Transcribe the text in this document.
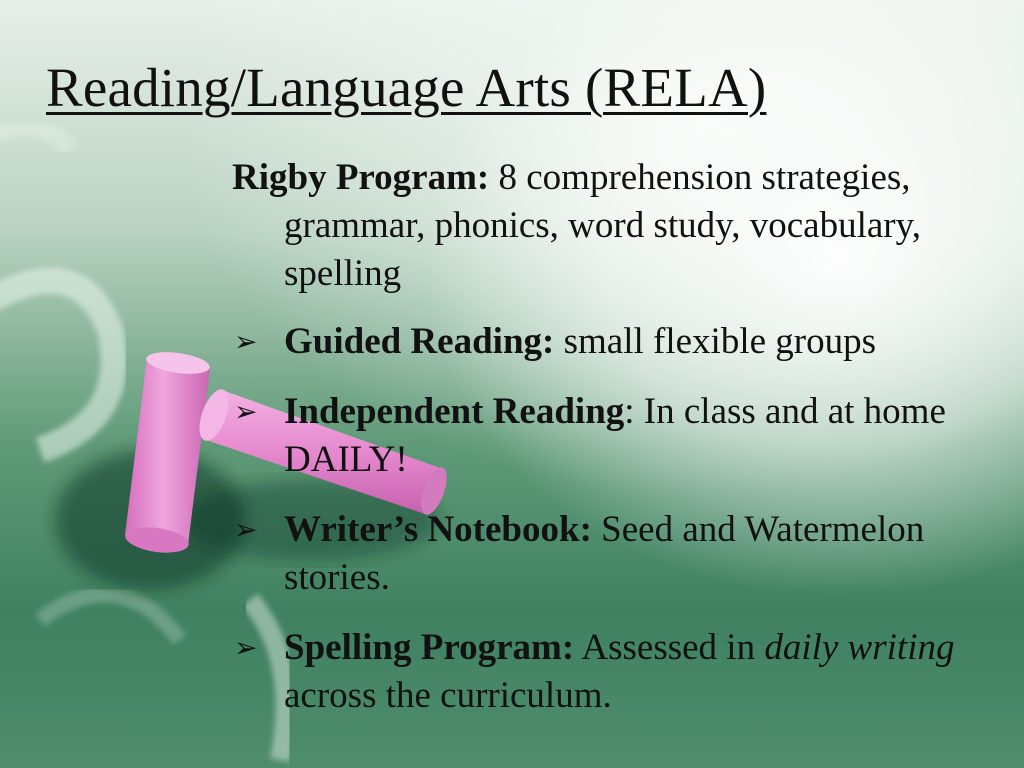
Reading/Language Arts (RELA)

Rigby Program: 8 comprehension strategies, grammar, phonics, word study, vocabulary, spelling

➢ Guided Reading: small flexible groups
➢ Independent Reading: In class and at home DAILY!
➢ Writer’s Notebook: Seed and Watermelon stories.
➢ Spelling Program: Assessed in daily writing across the curriculum.
